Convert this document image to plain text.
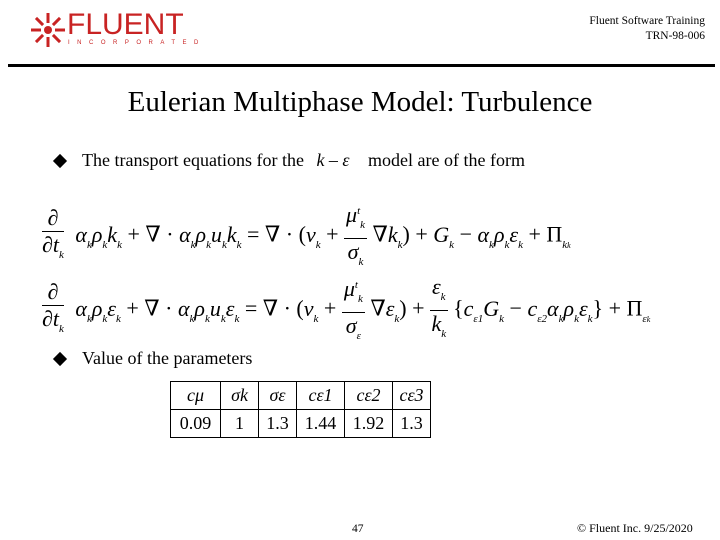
FLUENT
INCORPORATED
Fluent Software Training
TRN-98-006
Eulerian Multiphase Model: Turbulence
The transport equations for the k – ε model are of the form
$\frac{\partial}{\partial t_k} \alpha_k\rho_kk_k$ + ∇ · $\alpha_k\rho_ku_kk_k$ = ∇ · $(\nu_k + \frac{\mu^t_k}{\sigma_k} \nabla k_k) + G_k - \alpha_k\rho_k\varepsilon_k + \Pi_{kk}$
$\frac{\partial}{\partial t_k} \alpha_k\rho_k\varepsilon_k$ + ∇ · $\alpha_k\rho_ku_k\varepsilon_k$ = ∇ · $(\nu_k + \frac{\mu^t_k}{\sigma_\varepsilon} \nabla\varepsilon_k) + \frac{\varepsilon_k}{k_k} \{c_{\varepsilon 1}G_k - c_{\varepsilon 2}\alpha_k\rho_k\varepsilon_k\} + \Pi_{\varepsilon k}$
Value of the parameters
cμ	σk	σε	cε1	cε2	cε3
0.09	1	1.3	1.44	1.92	1.3
47	© Fluent Inc. 9/25/2020
